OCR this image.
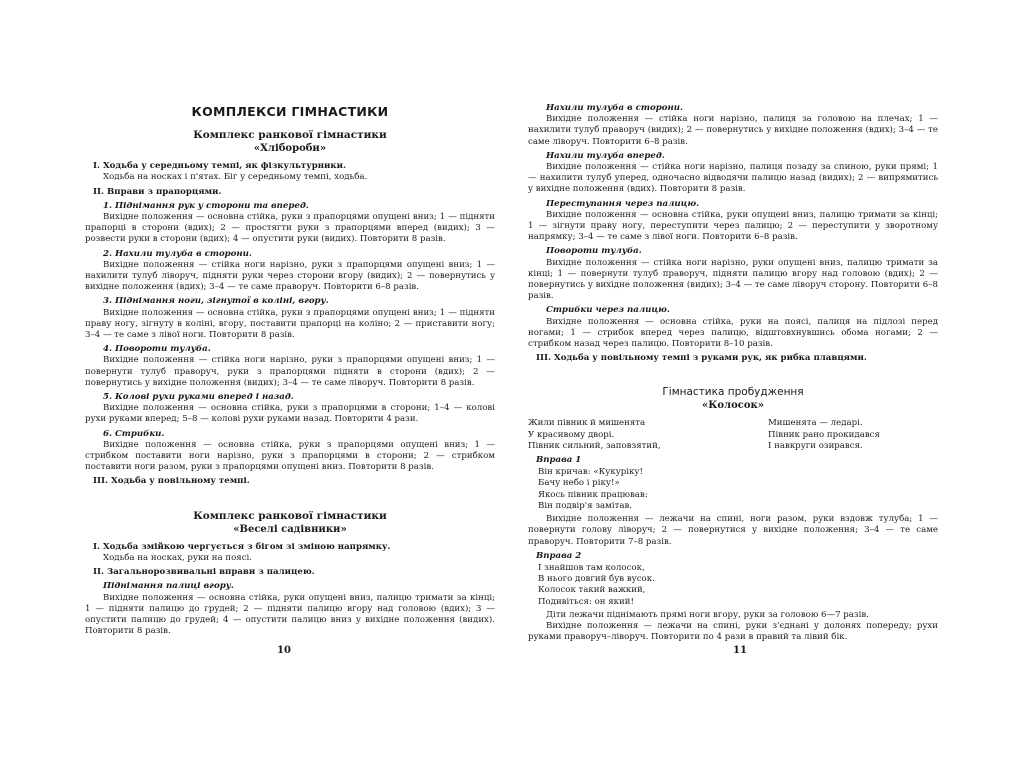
КОМПЛЕКСИ ГІМНАСТИКИ
Комплекс ранкової гімнастики
«Хлібороби»

I. Ходьба у середньому темпі, як фізкультурники.

Ходьба на носках і п'ятах. Біг у середньому темпі, ходьба.

II. Вправи з прапорцями.

1. Піднімання рук у сторони та вперед.

Вихідне положення — основна стійка, руки з прапорцями опущені вниз; 1 — підняти прапорці в сторони (вдих); 2 — простягти руки з прапорцями вперед (видих); 3 — розвести руки в сторони (вдих); 4 — опустити руки (видих). Повторити 8 разів.

2. Нахили тулуба в сторони.

Вихідне положення — стійка ноги нарізно, руки з прапорцями опущені вниз; 1 — нахилити тулуб ліворуч, підняти руки через сторони вгору (видих); 2 — повернутись у вихідне положення (вдих); 3–4 — те саме праворуч. Повторити 6–8 разів.

3. Піднімання ноги, зігнутої в коліні, вгору.

Вихідне положення — основна стійка, руки з прапорцями опущені вниз; 1 — підняти праву ногу, зігнуту в коліні, вгору, поставити прапорці на коліно; 2 — приставити ногу; 3–4 — те саме з лівої ноги. Повторити 8 разів.

4. Повороти тулуба.

Вихідне положення — стійка ноги нарізно, руки з прапорцями опущені вниз; 1 — повернути тулуб праворуч, руки з прапорцями підняти в сторони (вдих); 2 — повернутись у вихідне положення (видих); 3–4 — те саме ліворуч. Повторити 8 разів.

5. Колові рухи руками вперед і назад.

Вихідне положення — основна стійка, руки з прапорцями в сторони; 1–4 — колові рухи руками вперед; 5–8 — колові рухи руками назад. Повторити 4 рази.

6. Стрибки.

Вихідне положення — основна стійка, руки з прапорцями опущені вниз; 1 — стрибком поставити ноги нарізно, руки з прапорцями в сторони; 2 — стрибком поставити ноги разом, руки з прапорцями опущені вниз. Повторити 8 разів.

III. Ходьба у повільному темпі.

Комплекс ранкової гімнастики
«Веселі садівники»

I. Ходьба змійкою чергується з бігом зі зміною напрямку.

Ходьба на носках, руки на поясі.

II. Загальнорозвивальні вправи з палицею.

Піднімання палиці вгору.

Вихідне положення — основна стійка, руки опущені вниз, палицю тримати за кінці; 1 — підняти палицю до грудей; 2 — підняти палицю вгору над головою (вдих); 3 — опустити палицю до грудей; 4 — опустити палицю вниз у вихідне положення (видих). Повторити 8 разів.

10

Нахили тулуба в сторони.

Вихідне положення — стійка ноги нарізно, палиця за головою на плечах; 1 — нахилити тулуб праворуч (видих); 2 — повернутись у вихідне положення (вдих); 3–4 — те саме ліворуч. Повторити 6–8 разів.

Нахили тулуба вперед.

Вихідне положення — стійка ноги нарізно, палиця позаду за спиною, руки прямі; 1 — нахилити тулуб уперед, одночасно відводячи палицю назад (видих); 2 — випрямитись у вихідне положення (вдих). Повторити 8 разів.

Переступання через палицю.

Вихідне положення — основна стійка, руки опущені вниз, палицю тримати за кінці; 1 — зігнути праву ногу, переступити через палицю; 2 — переступити у зворотному напрямку; 3–4 — те саме з лівої ноги. Повторити 6–8 разів.

Повороти тулуба.

Вихідне положення — стійка ноги нарізно, руки опущені вниз, палицю тримати за кінці; 1 — повернути тулуб праворуч, підняти палицю вгору над головою (вдих); 2 — повернутись у вихідне положення (видих); 3–4 — те саме ліворуч сторону. Повторити 6–8 разів.

Стрибки через палицю.

Вихідне положення — основна стійка, руки на поясі, палиця на підлозі перед ногами; 1 — стрибок вперед через палицю, відштовхнувшись обома ногами; 2 — стрибком назад через палицю. Повторити 8–10 разів.

III. Ходьба у повільному темпі з руками рук, як рибка плавцями.

Гімнастика пробудження
«Колосок»

Жили півник й мишенята

У красивому дворі.

Півник сильний, заповзятий,

Мишенята — ледарі.

Півник рано прокидався

І навкруги озирався.

Вправа 1

Він кричав: «Кукуріку!

Бачу небо і ріку!»

Якось півник працював:

Він подвір'я замітав.

Вихідне положення — лежачи на спині, ноги разом, руки вздовж тулуба; 1 — повернути голову ліворуч; 2 — повернутися у вихідне положення; 3–4 — те саме праворуч. Повторити 7–8 разів.

Вправа 2

І знайшов там колосок,

В нього довгий був вусок.

Колосок такий важкий,

Подивіться: он який!

Діти лежачи піднімають прямі ноги вгору, руки за головою 6—7 разів.

Вихідне положення — лежачи на спині, руки з'єднані у долонях попереду; рухи руками праворуч–ліворуч. Повторити по 4 рази в правий та лівий бік.

11
